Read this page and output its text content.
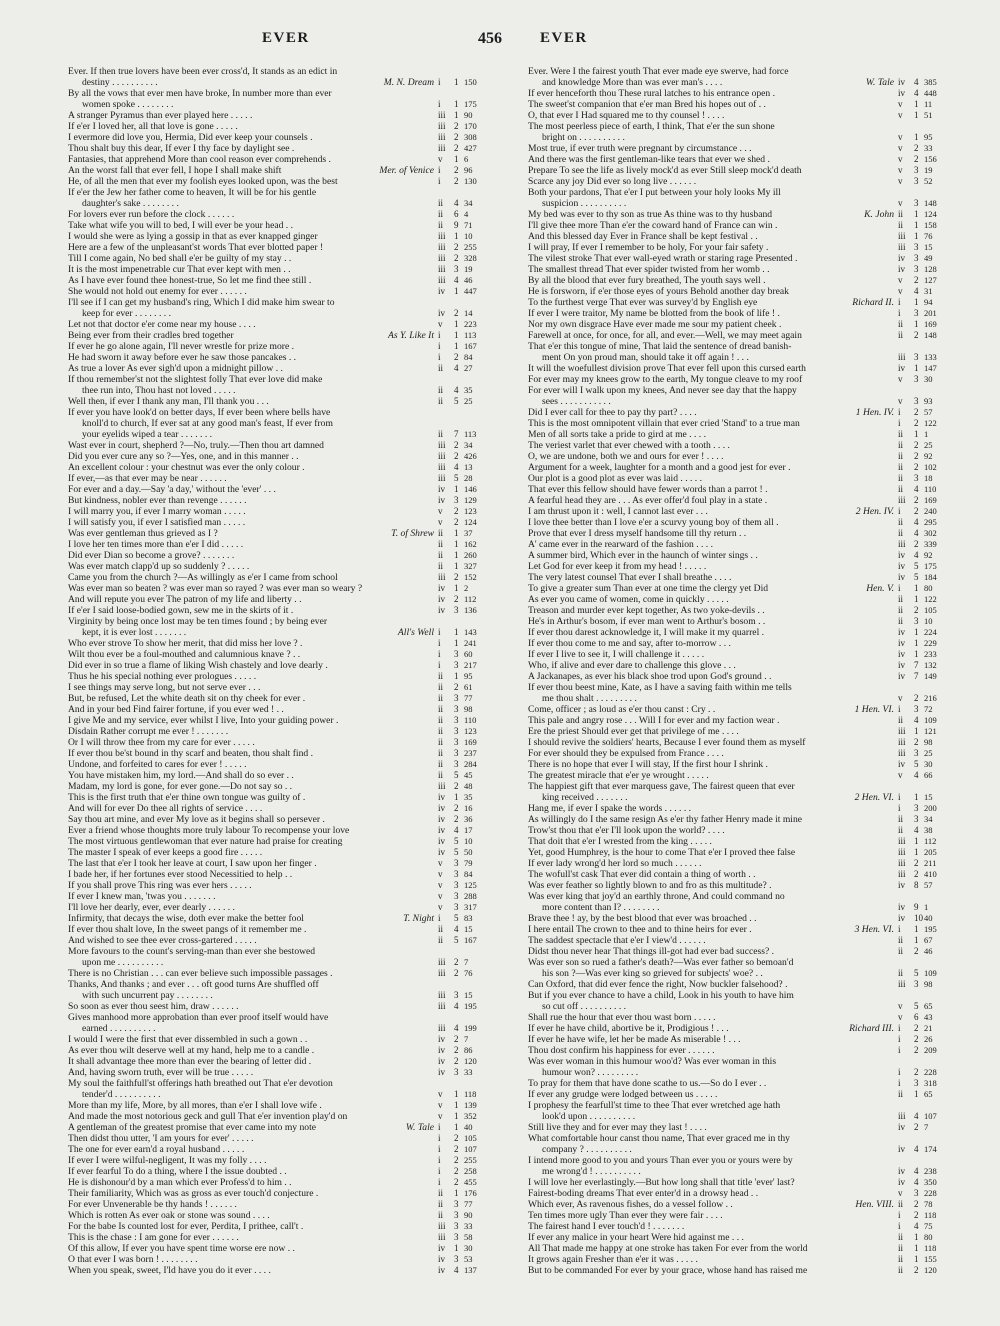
EVER	456	EVER
Ever. If then true lovers have been ever cross'd, It stands as an edict in
destiny . . . . . . . . . .	M. N. Dream i 1 150
By all the vows that ever men have broke, In number more than ever
women spoke . . . . . . . .	i 1 175
A stranger Pyramus than ever played here . . . . .	iii 1 90
If e'er I loved her, all that love is gone . . . . .	iii 2 170
I evermore did love you, Hermia, Did ever keep your counsels .	iii 2 308
Thou shalt buy this dear, If ever I thy face by daylight see .	iii 2 427
Fantasies, that apprehend More than cool reason ever comprehends .	v 1 6
An the worst fall that ever fell, I hope I shall make shift	Mer. of Venice i 2 96
He, of all the men that ever my foolish eyes looked upon, was the best	i 2 130
If e'er the Jew her father come to heaven, It will be for his gentle
daughter's sake . . . . . . . .	ii 4 34
For lovers ever run before the clock . . . . . .	ii 6 4
Take what wife you will to bed, I will ever be your head . .	ii 9 71
I would she were as lying a gossip in that as ever knapped ginger	iii 1 10
Here are a few of the unpleasant'st words That ever blotted paper !	iii 2 255
Till I come again, No bed shall e'er be guilty of my stay . .	iii 2 328
It is the most impenetrable cur That ever kept with men . .	iii 3 19
As I have ever found thee honest-true, So let me find thee still .	iii 4 46
She would not hold out enemy for ever . . . . . .	iv 1 447
I'll see if I can get my husband's ring, Which I did make him swear to
keep for ever . . . . . . . .	iv 2 14
Let not that doctor e'er come near my house . . . .	v 1 223
Being ever from their cradles bred together	As Y. Like It i 1 113
If ever he go alone again, I'll never wrestle for prize more .	i 1 167
He had sworn it away before ever he saw those pancakes . .	i 2 84
As true a lover As ever sigh'd upon a midnight pillow . .	ii 4 27
If thou remember'st not the slightest folly That ever love did make
thee run into, Thou hast not loved . . . . .	ii 4 35
Well then, if ever I thank any man, I'll thank you . . .	ii 5 25
If ever you have look'd on better days, If ever been where bells have
knoll'd to church, If ever sat at any good man's feast, If ever from
your eyelids wiped a tear . . . . . . .	ii 7 113
Wast ever in court, shepherd ?—No, truly.—Then thou art damned	iii 2 34
Did you ever cure any so ?—Yes, one, and in this manner . .	iii 2 426
An excellent colour : your chestnut was ever the only colour .	iii 4 13
If ever,—as that ever may be near . . . . . .	iii 5 28
For ever and a day.—Say 'a day,' without the 'ever' . . .	iv 1 146
But kindness, nobler ever than revenge . . . . . .	iv 3 129
I will marry you, if ever I marry woman . . . . .	v 2 123
I will satisfy you, if ever I satisfied man . . . . .	v 2 124
Was ever gentleman thus grieved as I ?	T. of Shrew ii 1 37
I love her ten times more than e'er I did . . . . .	ii 1 162
Did ever Dian so become a grove? . . . . . . .	ii 1 260
Was ever match clapp'd up so suddenly ? . . . . .	ii 1 327
Came you from the church ?—As willingly as e'er I came from school	iii 2 152
Was ever man so beaten ? was ever man so rayed ? was ever man so weary ?	iv 1 2
And will repute you ever The patron of my life and liberty . .	iv 2 112
If e'er I said loose-bodied gown, sew me in the skirts of it .	iv 3 136
Virginity by being once lost may be ten times found ; by being ever
kept, it is ever lost . . . . . . .	All's Well i 1 143
Who ever strove To show her merit, that did miss her love ? .	i 1 241
Wilt thou ever be a foul-mouthed and calumnious knave ? . .	i 3 60
Did ever in so true a flame of liking Wish chastely and love dearly .	i 3 217
Thus he his special nothing ever prologues . . . . .	ii 1 95
I see things may serve long, but not serve ever . . .	ii 2 61
But, be refused, Let the white death sit on thy cheek for ever .	ii 3 77
And in your bed Find fairer fortune, if you ever wed ! . .	ii 3 98
I give Me and my service, ever whilst I live, Into your guiding power .	ii 3 110
Disdain Rather corrupt me ever ! . . . . . . .	ii 3 123
Or I will throw thee from my care for ever . . . . .	ii 3 169
If ever thou be'st bound in thy scarf and beaten, thou shalt find .	ii 3 237
Undone, and forfeited to cares for ever ! . . . . .	ii 3 284
You have mistaken him, my lord.—And shall do so ever . .	ii 5 45
Madam, my lord is gone, for ever gone.—Do not say so . .	iii 2 48
This is the first truth that e'er thine own tongue was guilty of .	iv 1 35
And will for ever Do thee all rights of service . . . .	iv 2 16
Say thou art mine, and ever My love as it begins shall so persever .	iv 2 36
Ever a friend whose thoughts more truly labour To recompense your love	iv 4 17
The most virtuous gentlewoman that ever nature had praise for creating	iv 5 10
The master I speak of ever keeps a good fire . . . . .	iv 5 50
The last that e'er I took her leave at court, I saw upon her finger .	v 3 79
I bade her, if her fortunes ever stood Necessitied to help . .	v 3 84
If you shall prove This ring was ever hers . . . . .	v 3 125
If ever I knew man, 'twas you . . . . . . .	v 3 288
I'll love her dearly, ever, ever dearly . . . . . .	v 3 317
Infirmity, that decays the wise, doth ever make the better fool	T. Night i 5 83
If ever thou shalt love, In the sweet pangs of it remember me .	ii 4 15
And wished to see thee ever cross-gartered . . . . .	ii 5 167
More favours to the count's serving-man than ever she bestowed
upon me . . . . . . . . . .	iii 2 7
There is no Christian . . . can ever believe such impossible passages .	iii 2 76
Thanks, And thanks ; and ever . . . oft good turns Are shuffled off
with such uncurrent pay . . . . . . . .	iii 3 15
So soon as ever thou seest him, draw . . . . . .	iii 4 195
Gives manhood more approbation than ever proof itself would have
earned . . . . . . . . . .	iii 4 199
I would I were the first that ever dissembled in such a gown . .	iv 2 7
As ever thou wilt deserve well at my hand, help me to a candle .	iv 2 86
It shall advantage thee more than ever the bearing of letter did .	iv 2 120
And, having sworn truth, ever will be true . . . . .	iv 3 33
My soul the faithfull'st offerings hath breathed out That e'er devotion
tender'd . . . . . . . . . .	v 1 118
More than my life, More, by all mores, than e'er I shall love wife .	v 1 139
And made the most notorious geck and gull That e'er invention play'd on	v 1 352
A gentleman of the greatest promise that ever came into my note	W. Tale i 1 40
Then didst thou utter, 'I am yours for ever' . . . . .	i 2 105
The one for ever earn'd a royal husband . . . . .	i 2 107
If ever I were wilful-negligent, It was my folly . . . .	i 2 255
If ever fearful To do a thing, where I the issue doubted . .	i 2 258
He is dishonour'd by a man which ever Profess'd to him . .	i 2 455
Their familiarity, Which was as gross as ever touch'd conjecture .	ii 1 176
For ever Unvenerable be thy hands ! . . . . . .	ii 3 77
Which is rotten As ever oak or stone was sound . . . .	ii 3 90
For the babe Is counted lost for ever, Perdita, I prithee, call't .	iii 3 33
This is the chase : I am gone for ever . . . . . .	iii 3 58
Of this allow, If ever you have spent time worse ere now . .	iv 1 30
O that ever I was born ! . . . . . . . .	iv 3 53
When you speak, sweet, I'ld have you do it ever . . . .	iv 4 137
Ever. Were I the fairest youth That ever made eye swerve, had force
and knowledge More than was ever man's . . . .	W. Tale iv 4 385
If ever henceforth thou These rural latches to his entrance open .	iv 4 448
The sweet'st companion that e'er man Bred his hopes out of . .	v 1 11
O, that ever I Had squared me to thy counsel ! . . . .	v 1 51
The most peerless piece of earth, I think, That e'er the sun shone
bright on . . . . . . . . . .	v 1 95
Most true, if ever truth were pregnant by circumstance . . .	v 2 33
And there was the first gentleman-like tears that ever we shed .	v 2 156
Prepare To see the life as lively mock'd as ever Still sleep mock'd death	v 3 19
Scarce any joy Did ever so long live . . . . . .	v 3 52
Both your pardons, That e'er I put between your holy looks My ill
suspicion . . . . . . . . . .	v 3 148
My bed was ever to thy son as true As thine was to thy husband	K. John ii 1 124
I'll give thee more Than e'er the coward hand of France can win .	ii 1 158
And this blessed day Ever in France shall be kept festival . .	iii 1 76
I will pray, If ever I remember to be holy, For your fair safety .	iii 3 15
The vilest stroke That ever wall-eyed wrath or staring rage Presented .	iv 3 49
The smallest thread That ever spider twisted from her womb . .	iv 3 128
By all the blood that ever fury breathed, The youth says well .	v 2 127
He is forsworn, if e'er those eyes of yours Behold another day break	v 4 31
To the furthest verge That ever was survey'd by English eye	Richard II. i 1 94
If ever I were traitor, My name be blotted from the book of life ! .	i 3 201
Nor my own disgrace Have ever made me sour my patient cheek .	ii 1 169
Farewell at once, for once, for all, and ever.—Well, we may meet again	ii 2 148
That e'er this tongue of mine, That laid the sentence of dread banish-
ment On yon proud man, should take it off again ! . . .	iii 3 133
It will the woefullest division prove That ever fell upon this cursed earth	iv 1 147
For ever may my knees grow to the earth, My tongue cleave to my roof	v 3 30
For ever will I walk upon my knees, And never see day that the happy
sees . . . . . . . . . . .	v 3 93
Did I ever call for thee to pay thy part? . . . .	1 Hen. IV. i 2 57
This is the most omnipotent villain that ever cried 'Stand' to a true man	i 2 122
Men of all sorts take a pride to gird at me . . . .	ii 1 1
The veriest varlet that ever chewed with a tooth . . . .	ii 2 25
O, we are undone, both we and ours for ever ! . . . .	ii 2 92
Argument for a week, laughter for a month and a good jest for ever .	ii 2 102
Our plot is a good plot as ever was laid . . . . .	ii 3 18
That ever this fellow should have fewer words than a parrot ! .	ii 4 110
A fearful head they are . . . As ever offer'd foul play in a state .	iii 2 169
I am thrust upon it : well, I cannot last ever . . .	2 Hen. IV. i 2 240
I love thee better than I love e'er a scurvy young boy of them all .	ii 4 295
Prove that ever I dress myself handsome till thy return . .	ii 4 302
A' came ever in the rearward of the fashion . . . .	iii 2 339
A summer bird, Which ever in the haunch of winter sings . .	iv 4 92
Let God for ever keep it from my head ! . . . . .	iv 5 175
The very latest counsel That ever I shall breathe . . . .	iv 5 184
To give a greater sum Than ever at one time the clergy yet Did	Hen. V. i 1 80
As ever you came of women, come in quickly . . . . .	ii 1 122
Treason and murder ever kept together, As two yoke-devils . .	ii 2 105
He's in Arthur's bosom, if ever man went to Arthur's bosom . .	ii 3 10
If ever thou darest acknowledge it, I will make it my quarrel .	iv 1 224
If ever thou come to me and say, after to-morrow . . .	iv 1 229
If ever I live to see it, I will challenge it . . . . .	iv 1 233
Who, if alive and ever dare to challenge this glove . . .	iv 7 132
A Jackanapes, as ever his black shoe trod upon God's ground . .	iv 7 149
If ever thou beest mine, Kate, as I have a saving faith within me tells
me thou shalt . . . . . . . . .	v 2 216
Come, officer ; as loud as e'er thou canst : Cry . .	1 Hen. VI. i 3 72
This pale and angry rose . . . Will I for ever and my faction wear .	ii 4 109
Ere the priest Should ever get that privilege of me . . . .	iii 1 121
I should revive the soldiers' hearts, Because I ever found them as myself	iii 2 98
For ever should they be expulsed from France . . . .	iii 3 25
There is no hope that ever I will stay, If the first hour I shrink .	iv 5 30
The greatest miracle that e'er ye wrought . . . . .	v 4 66
The happiest gift that ever marquess gave, The fairest queen that ever
king received . . . . . . .	2 Hen. VI. i 1 15
Hang me, if ever I spake the words . . . . . .	i 3 200
As willingly do I the same resign As e'er thy father Henry made it mine	ii 3 34
Trow'st thou that e'er I'll look upon the world? . . . .	ii 4 38
That doit that e'er I wrested from the king . . . . .	iii 1 112
Yet, good Humphrey, is the hour to come That e'er I proved thee false	iii 1 205
If ever lady wrong'd her lord so much . . . . . .	iii 2 211
The wofull'st cask That ever did contain a thing of worth . .	iii 2 410
Was ever feather so lightly blown to and fro as this multitude? .	iv 8 57
Was ever king that joy'd an earthly throne, And could command no
more content than I? . . . . . . . .	iv 9 1
Brave thee ! ay, by the best blood that ever was broached . .	iv 1040
I here entail The crown to thee and to thine heirs for ever .	3 Hen. VI. i 1 195
The saddest spectacle that e'er I view'd . . . . . .	ii 1 67
Didst thou never hear That things ill-got had ever bad success? .	ii 2 46
Was ever son so rued a father's death?—Was ever father so bemoan'd
his son ?—Was ever king so grieved for subjects' woe? . .	ii 5 109
Can Oxford, that did ever fence the right, Now buckler falsehood? .	iii 3 98
But if you ever chance to have a child, Look in his youth to have him
so cut off . . . . . . . . . .	v 5 65
Shall rue the hour that ever thou wast born . . . . .	v 6 43
If ever he have child, abortive be it, Prodigious ! . . .	Richard III. i 2 21
If ever he have wife, let her be made As miserable ! . . .	i 2 26
Thou dost confirm his happiness for ever . . . . . .	i 2 209
Was ever woman in this humour woo'd? Was ever woman in this
humour won? . . . . . . . . .	i 2 228
To pray for them that have done scathe to us.—So do I ever . .	i 3 318
If ever any grudge were lodged between us . . . . .	ii 1 65
I prophesy the fearfull'st time to thee That ever wretched age hath
look'd upon . . . . . . . . . .	iii 4 107
Still live they and for ever may they last ! . . . .	iv 2 7
What comfortable hour canst thou name, That ever graced me in thy
company ? . . . . . . . . . .	iv 4 174
I intend more good to you and yours Than ever you or yours were by
me wrong'd ! . . . . . . . . . .	iv 4 238
I will love her everlastingly.—But how long shall that title 'ever' last?	iv 4 350
Fairest-boding dreams That ever enter'd in a drowsy head . .	v 3 228
Which ever, As ravenous fishes, do a vessel follow . .	Hen. VIII. ii 2 78
Ten times more ugly Than ever they were fair . . . .	i 2 118
The fairest hand I ever touch'd ! . . . . . . .	i 4 75
If ever any malice in your heart Were hid against me . . .	ii 1 80
All That made me happy at one stroke has taken For ever from the world	ii 1 118
It grows again Fresher than e'er it was . . . . .	ii 1 155
But to be commanded For ever by your grace, whose hand has raised me	ii 2 120
